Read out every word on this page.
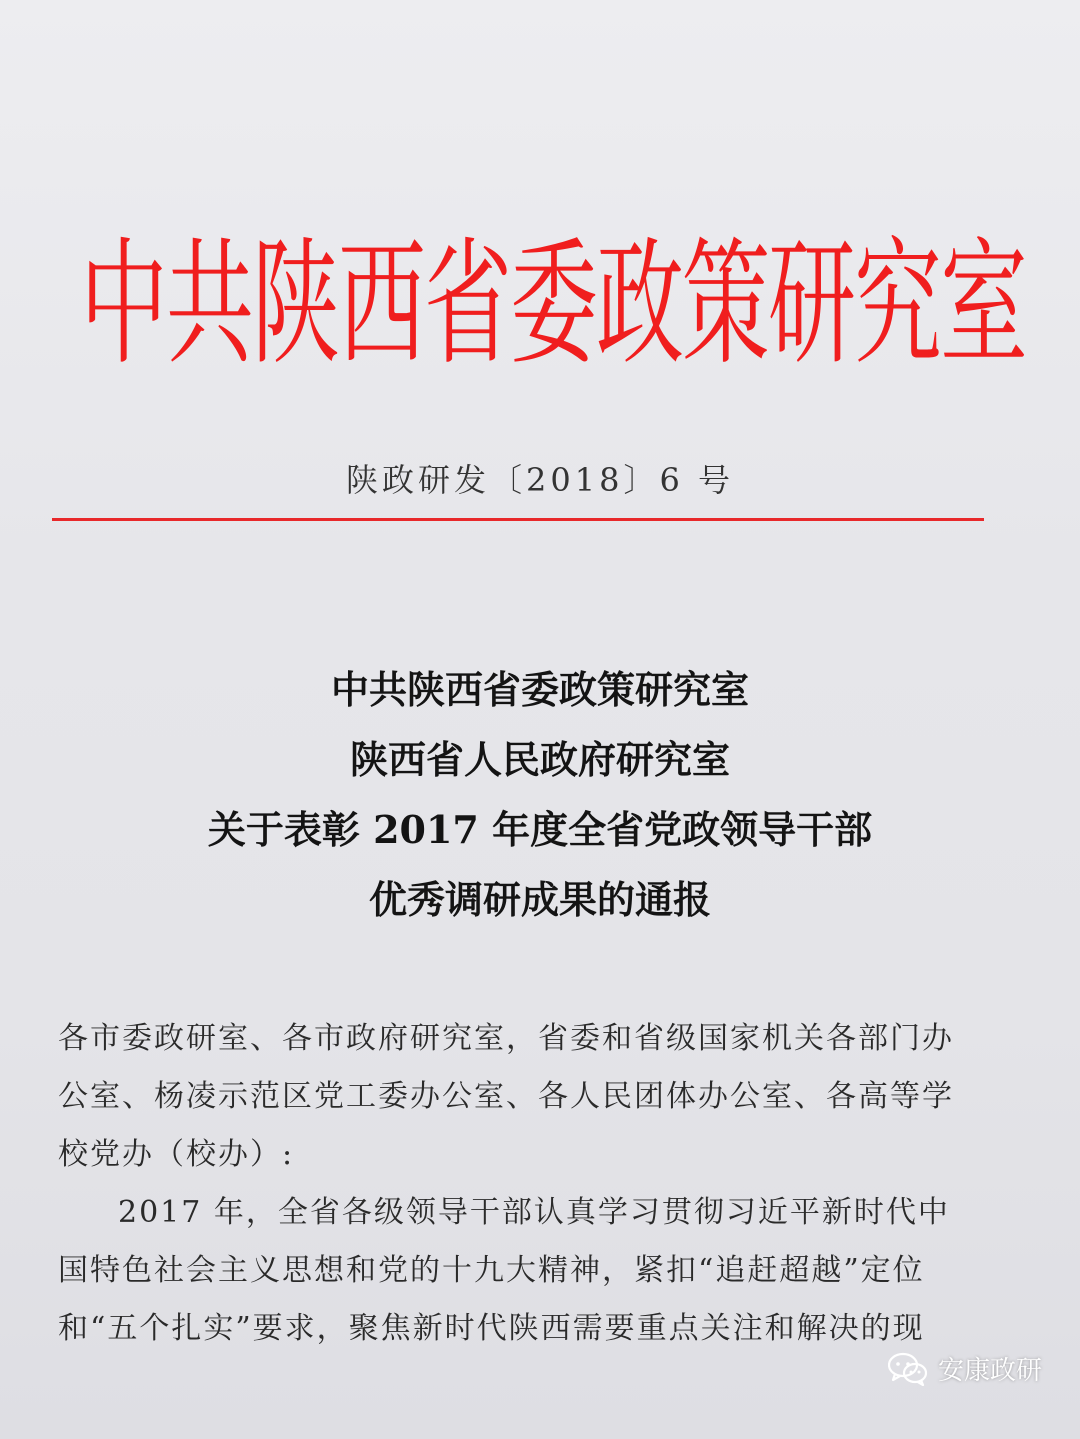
中共陕西省委政策研究室
陕政研发〔2018〕6 号
中共陕西省委政策研究室
陕西省人民政府研究室
关于表彰 2017 年度全省党政领导干部
优秀调研成果的通报
各市委政研室、各市政府研究室，省委和省级国家机关各部门办
公室、杨凌示范区党工委办公室、各人民团体办公室、各高等学
校党办（校办）:
2017 年，全省各级领导干部认真学习贯彻习近平新时代中
国特色社会主义思想和党的十九大精神，紧扣“追赶超越”定位
和“五个扎实”要求，聚焦新时代陕西需要重点关注和解决的现
安康政研
